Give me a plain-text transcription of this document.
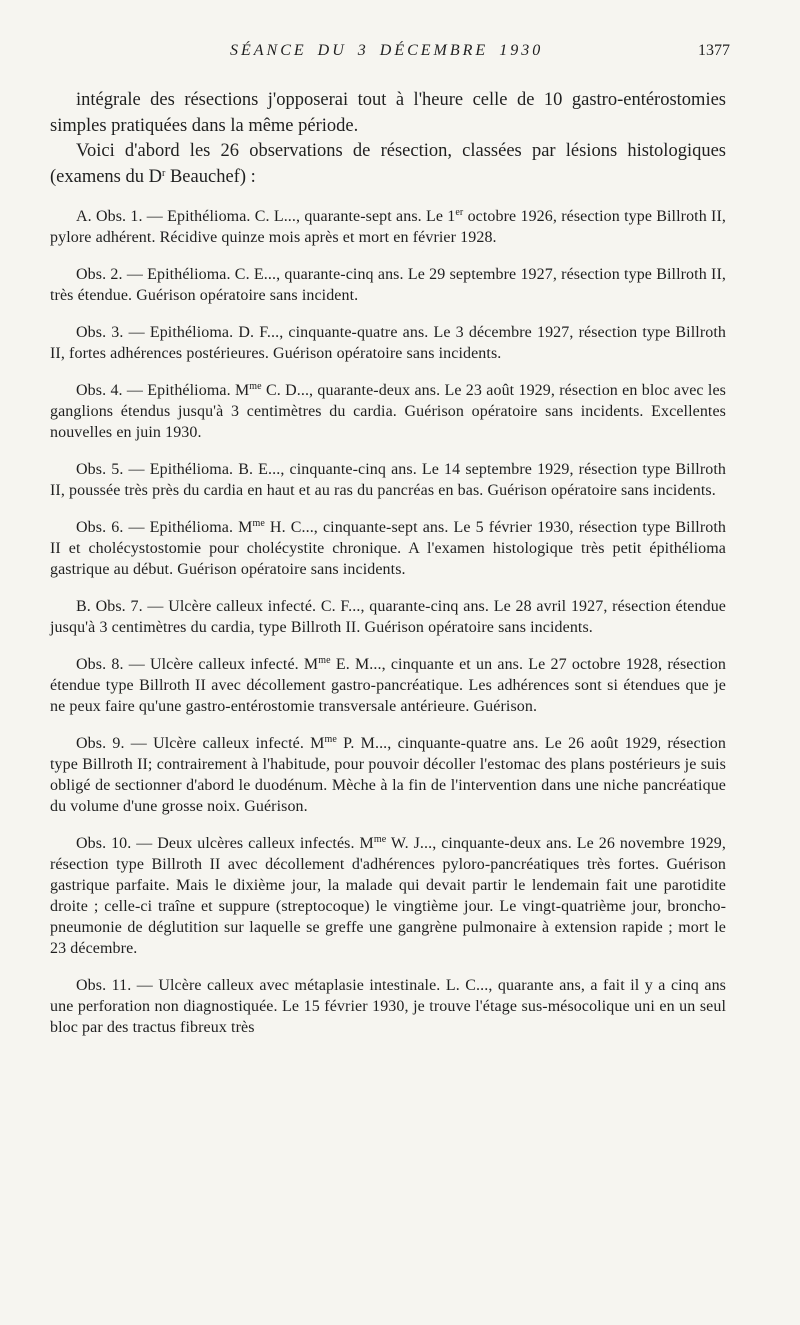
SÉANCE DU 3 DÉCEMBRE 1930	1377

intégrale des résections j'opposerai tout à l'heure celle de 10 gastro-entérostomies simples pratiquées dans la même période.

Voici d'abord les 26 observations de résection, classées par lésions histologiques (examens du $D^r$ Beauchef) :

A. Obs. 1. — Epithélioma. C. L..., quarante-sept ans. Le 1er octobre 1926, résection type Billroth II, pylore adhérent. Récidive quinze mois après et mort en février 1928.

Obs. 2. — Epithélioma. C. E..., quarante-cinq ans. Le 29 septembre 1927, résection type Billroth II, très étendue. Guérison opératoire sans incident.

Obs. 3. — Epithélioma. D. F..., cinquante-quatre ans. Le 3 décembre 1927, résection type Billroth II, fortes adhérences postérieures. Guérison opératoire sans incidents.

Obs. 4. — Epithélioma. $M^{me}$ C. D..., quarante-deux ans. Le 23 août 1929, résection en bloc avec les ganglions étendus jusqu'à 3 centimètres du cardia. Guérison opératoire sans incidents. Excellentes nouvelles en juin 1930.

Obs. 5. — Epithélioma. B. E..., cinquante-cinq ans. Le 14 septembre 1929, résection type Billroth II, poussée très près du cardia en haut et au ras du pancréas en bas. Guérison opératoire sans incidents.

Obs. 6. — Epithélioma. $M^{me}$ H. C..., cinquante-sept ans. Le 5 février 1930, résection type Billroth II et cholécystostomie pour cholécystite chronique. A l'examen histologique très petit épithélioma gastrique au début. Guérison opératoire sans incidents.

B. Obs. 7. — Ulcère calleux infecté. C. F..., quarante-cinq ans. Le 28 avril 1927, résection étendue jusqu'à 3 centimètres du cardia, type Billroth II. Guérison opératoire sans incidents.

Obs. 8. — Ulcère calleux infecté. $M^{me}$ E. M..., cinquante et un ans. Le 27 octobre 1928, résection étendue type Billroth II avec décollement gastro-pancréatique. Les adhérences sont si étendues que je ne peux faire qu'une gastro-entérostomie transversale antérieure. Guérison.

Obs. 9. — Ulcère calleux infecté. $M^{me}$ P. M..., cinquante-quatre ans. Le 26 août 1929, résection type Billroth II; contrairement à l'habitude, pour pouvoir décoller l'estomac des plans postérieurs je suis obligé de sectionner d'abord le duodénum. Mèche à la fin de l'intervention dans une niche pancréatique du volume d'une grosse noix. Guérison.

Obs. 10. — Deux ulcères calleux infectés. $M^{me}$ W. J..., cinquante-deux ans. Le 26 novembre 1929, résection type Billroth II avec décollement d'adhérences pyloro-pancréatiques très fortes. Guérison gastrique parfaite. Mais le dixième jour, la malade qui devait partir le lendemain fait une parotidite droite ; celle-ci traîne et suppure (streptocoque) le vingtième jour. Le vingt-quatrième jour, broncho-pneumonie de déglutition sur laquelle se greffe une gangrène pulmonaire à extension rapide ; mort le 23 décembre.

Obs. 11. — Ulcère calleux avec métaplasie intestinale. L. C..., quarante ans, a fait il y a cinq ans une perforation non diagnostiquée. Le 15 février 1930, je trouve l'étage sus-mésocolique uni en un seul bloc par des tractus fibreux très
